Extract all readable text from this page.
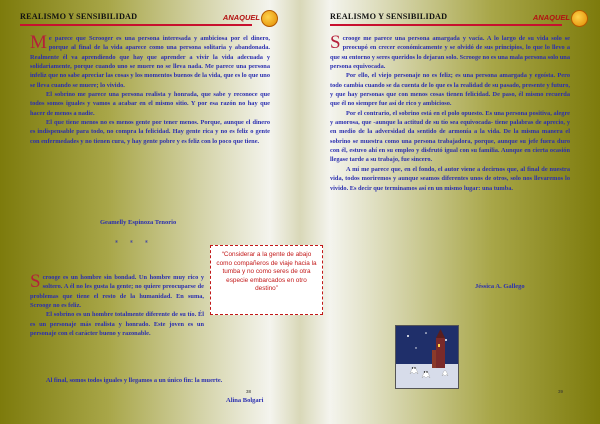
REALISMO Y SENSIBILIDAD	ANAQUEL

Me parece que Scrooger es una persona interesada y ambiciosa por el dinero, porque al final de la vida aparece como una persona solitaria y abandonada. Realmente él va aprendiendo que hay que aprender a vivir la vida adecuada y solidariamente, porque cuando uno se muere no se lleva nada. Me parece una persona infeliz que no sabe apreciar las cosas y los momentos buenos de la vida, que es lo que uno se lleva cuando se muere; lo vivido.

El sobrino me parece una persona realista y honrada, que sabe y reconoce que todos somos iguales y vamos a acabar en el mismo sitio. Y por esa razón no hay que hacer de menos a nadie.

El que tiene menos no es menos gente por tener menos. Porque, aunque el dinero es indispensable para todo, no compra la felicidad. Hay gente rica y no es feliz o gente con enfermedades y no tienen cura, y hay gente pobre y es feliz con lo poco que tiene.

Geamelly Espinoza Tenorio
* * *

Scrooge es un hombre sin bondad. Un hombre muy rico y soltero. A él no les gusta la gente; no quiere preocuparse de problemas que tiene el resto de la humanidad. En suma, Scrooge no es feliz.

El sobrino es un hombre totalmente diferente de su tío. Él es un personaje más realista y honrado. Este joven es un personaje con el carácter bueno y razonable.

Al final, somos todos iguales y llegamos a un único fin: la muerte.

Alina Bolgari
38
“Considerar a la gente de abajo como compañeros de viaje hacia la tumba y no como seres de otra especie embarcados en otro destino”
REALISMO Y SENSIBILIDAD	ANAQUEL

Scrooge me parece una persona amargada y vacía. A lo largo de su vida solo se preocupó en crecer económicamente y se olvidó de sus principios, lo que lo llevo a que su entorno y seres queridos lo dejaran solo. Scrooge no es una mala persona solo una persona equivocada.

Por ello, el viejo personaje no es feliz; es una persona amargada y egoísta. Pero todo cambia cuando se da cuenta de lo que es la realidad de su pasado, presente y futuro, y que hay personas que con menos cosas tienen felicidad. De paso, él mismo recuerda que él no siempre fue así de rico y ambicioso.

Por el contrario, el sobrino está en el polo opuesto. Es una persona positiva, alegre y amorosa, que -aunque la actitud de su tío sea equivocada- tiene palabras de aprecio, y en medio de la adversidad da sentido de armonía a la vida. De la misma manera el sobrino se muestra como una persona trabajadora, porque, aunque su jefe fuera duro con él, estuvo ahí en su empleo y disfrutó igual con su familia. Aunque en cierta ocasión llegase tarde a su trabajo, fue sincero.

A mí me parece que, en el fondo, el autor viene a decirnos que, al final de nuestra vida, todos moriremos y aunque seamos diferentes unos de otros, solo nos llevaremos lo vivido. Es decir que terminamos así en un mismo lugar: una tumba.

Jéssica A. Gallego
39
